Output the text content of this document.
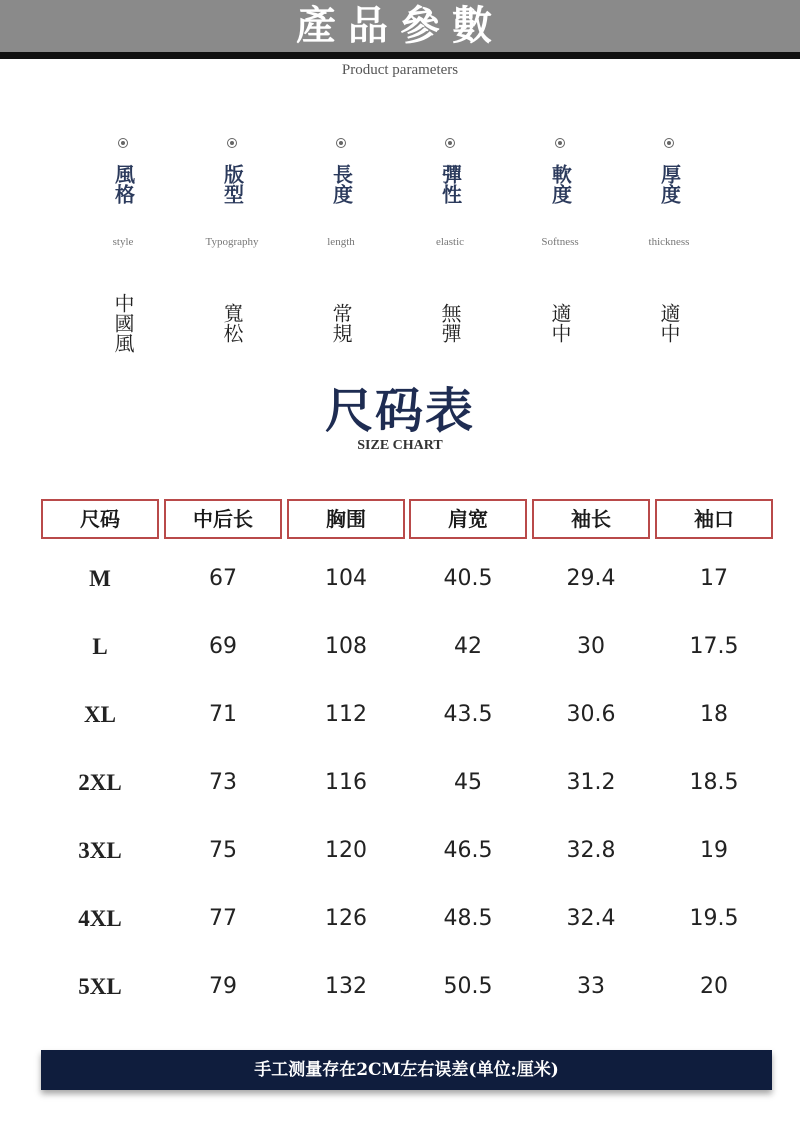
產品參數
Product parameters
風格
style
中國風
版型
Typography
寬松
長度
length
常規
彈性
elastic
無彈
軟度
Softness
適中
厚度
thickness
適中
尺码表
SIZE CHART
尺码	中后长	胸围	肩宽	袖长	袖口
M	67	104	40.5	29.4	17
L	69	108	42	30	17.5
XL	71	112	43.5	30.6	18
2XL	73	116	45	31.2	18.5
3XL	75	120	46.5	32.8	19
4XL	77	126	48.5	32.4	19.5
5XL	79	132	50.5	33	20
手工测量存在2CM左右误差(单位:厘米)
